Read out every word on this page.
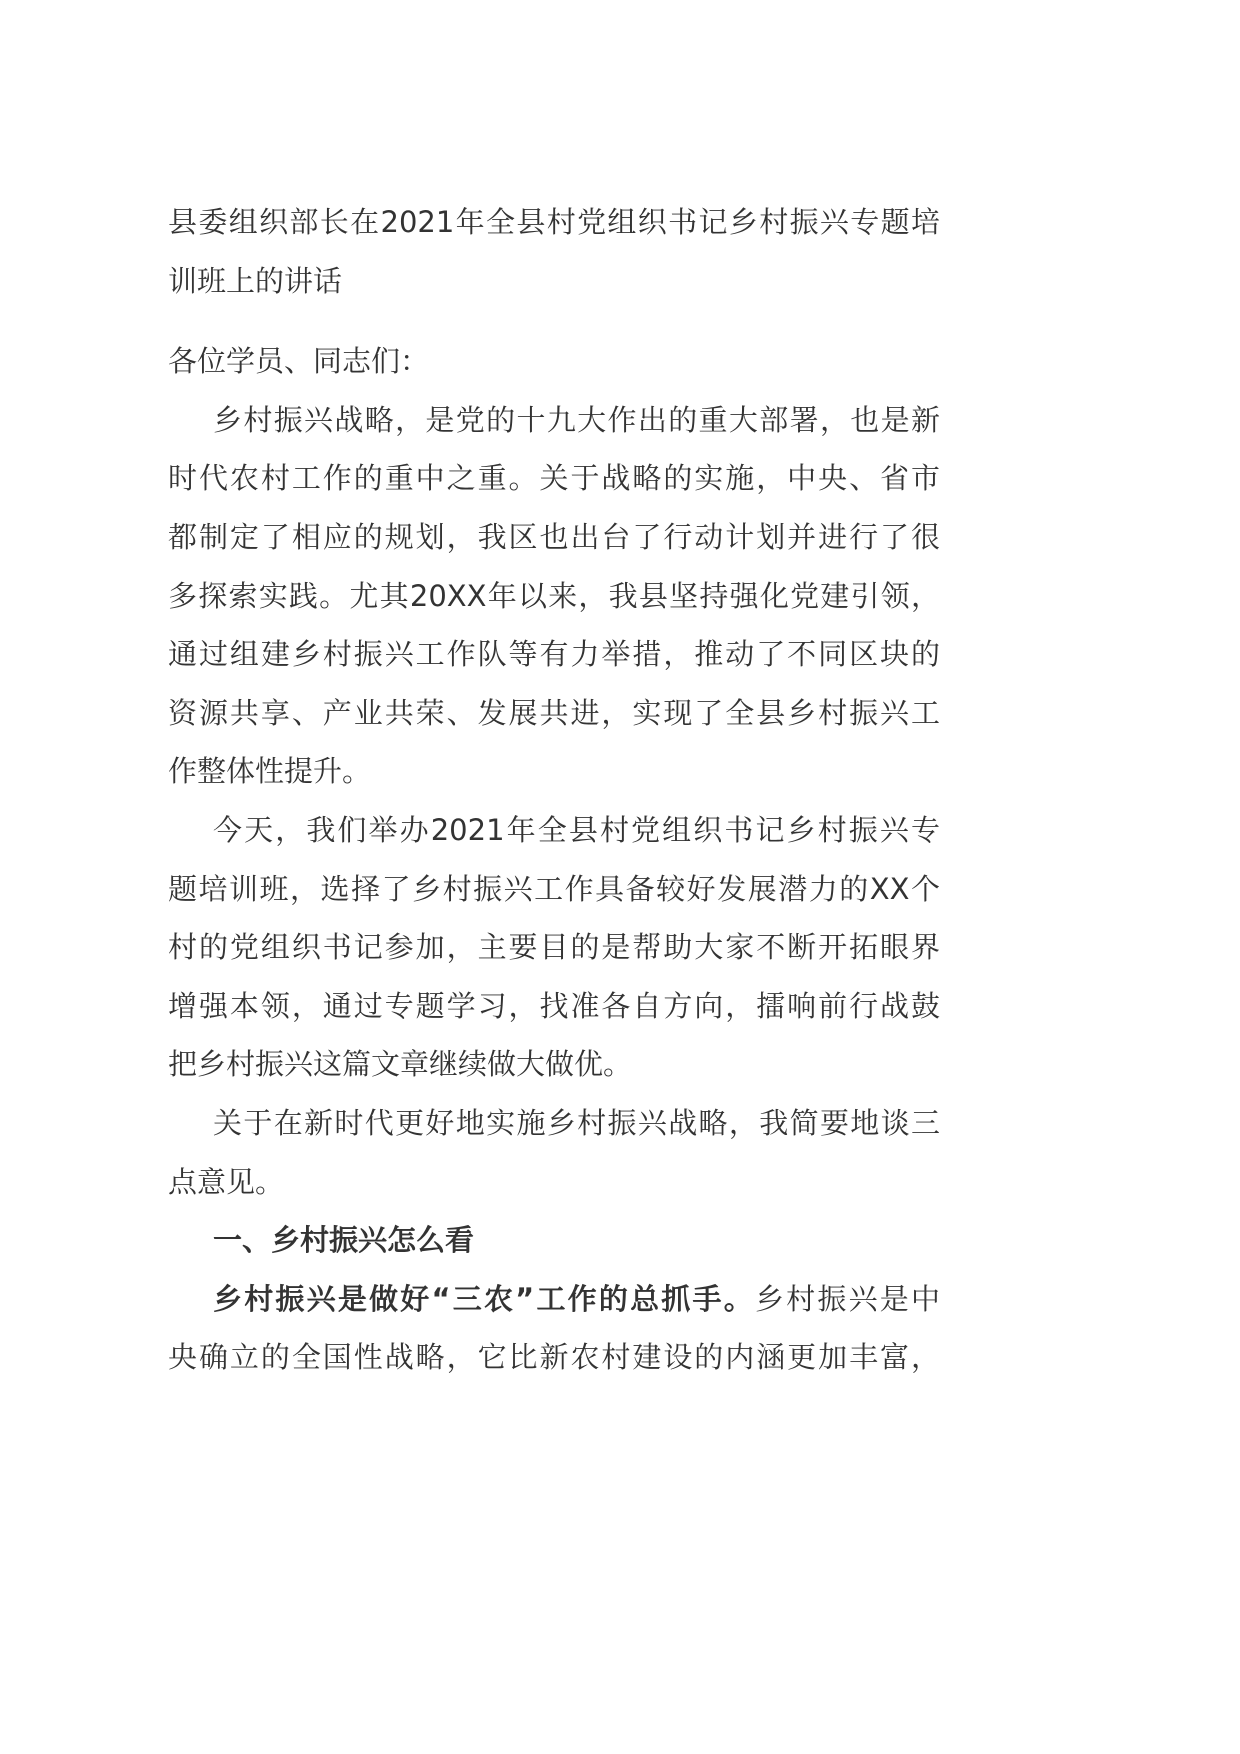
县委组织部长在2021年全县村党组织书记乡村振兴专题培
训班上的讲话
各位学员、同志们：
乡村振兴战略，是党的十九大作出的重大部署，也是新
时代农村工作的重中之重。关于战略的实施，中央、省市
都制定了相应的规划，我区也出台了行动计划并进行了很
多探索实践。尤其20XX年以来，我县坚持强化党建引领，
通过组建乡村振兴工作队等有力举措，推动了不同区块的
资源共享、产业共荣、发展共进，实现了全县乡村振兴工
作整体性提升。
今天，我们举办2021年全县村党组织书记乡村振兴专
题培训班，选择了乡村振兴工作具备较好发展潜力的XX个
村的党组织书记参加，主要目的是帮助大家不断开拓眼界
增强本领，通过专题学习，找准各自方向，擂响前行战鼓
把乡村振兴这篇文章继续做大做优。
关于在新时代更好地实施乡村振兴战略，我简要地谈三
点意见。
一、乡村振兴怎么看
乡村振兴是做好“三农”工作的总抓手。乡村振兴是中
央确立的全国性战略，它比新农村建设的内涵更加丰富，
